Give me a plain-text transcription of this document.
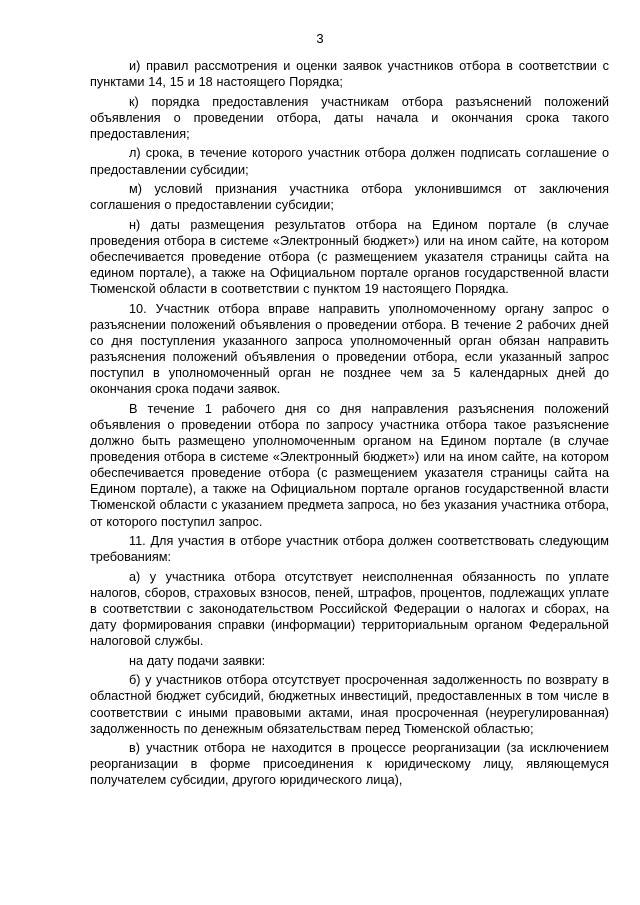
3

и) правил рассмотрения и оценки заявок участников отбора в соответствии с пунктами 14, 15 и 18 настоящего Порядка;

к) порядка предоставления участникам отбора разъяснений положений объявления о проведении отбора, даты начала и окончания срока такого предоставления;

л) срока, в течение которого участник отбора должен подписать соглашение о предоставлении субсидии;

м) условий признания участника отбора уклонившимся от заключения соглашения о предоставлении субсидии;

н) даты размещения результатов отбора на Едином портале (в случае проведения отбора в системе «Электронный бюджет») или на ином сайте, на котором обеспечивается проведение отбора (с размещением указателя страницы сайта на едином портале), а также на Официальном портале органов государственной власти Тюменской области в соответствии с пунктом 19 настоящего Порядка.

10. Участник отбора вправе направить уполномоченному органу запрос о разъяснении положений объявления о проведении отбора. В течение 2 рабочих дней со дня поступления указанного запроса уполномоченный орган обязан направить разъяснения положений объявления о проведении отбора, если указанный запрос поступил в уполномоченный орган не позднее чем за 5 календарных дней до окончания срока подачи заявок.

В течение 1 рабочего дня со дня направления разъяснения положений объявления о проведении отбора по запросу участника отбора такое разъяснение должно быть размещено уполномоченным органом на Едином портале (в случае проведения отбора в системе «Электронный бюджет») или на ином сайте, на котором обеспечивается проведение отбора (с размещением указателя страницы сайта на Едином портале), а также на Официальном портале органов государственной власти Тюменской области с указанием предмета запроса, но без указания участника отбора, от которого поступил запрос.

11. Для участия в отборе участник отбора должен соответствовать следующим требованиям:

а) у участника отбора отсутствует неисполненная обязанность по уплате налогов, сборов, страховых взносов, пеней, штрафов, процентов, подлежащих уплате в соответствии с законодательством Российской Федерации о налогах и сборах, на дату формирования справки (информации) территориальным органом Федеральной налоговой службы.

на дату подачи заявки:

б) у участников отбора отсутствует просроченная задолженность по возврату в областной бюджет субсидий, бюджетных инвестиций, предоставленных в том числе в соответствии с иными правовыми актами, иная просроченная (неурегулированная) задолженность по денежным обязательствам перед Тюменской областью;

в) участник отбора не находится в процессе реорганизации (за исключением реорганизации в форме присоединения к юридическому лицу, являющемуся получателем субсидии, другого юридического лица),
